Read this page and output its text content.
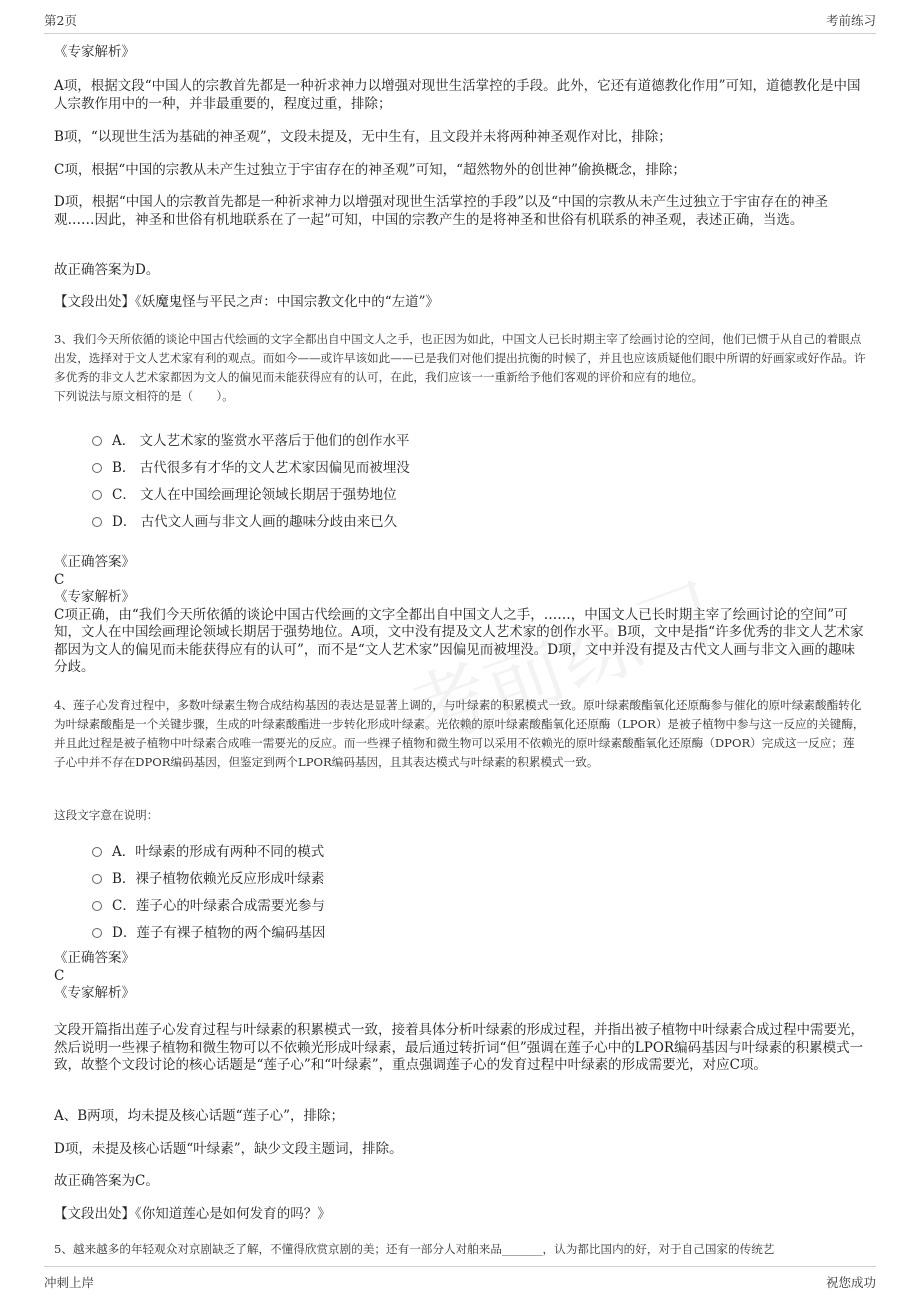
第2页	考前练习

《专家解析》

A项，根据文段“中国人的宗教首先都是一种祈求神力以增强对现世生活掌控的手段。此外，它还有道德教化作用”可知，道德教化是中国人宗教作用中的一种，并非最重要的，程度过重，排除；

B项，“以现世生活为基础的神圣观”，文段未提及，无中生有，且文段并未将两种神圣观作对比，排除；

C项，根据“中国的宗教从未产生过独立于宇宙存在的神圣观”可知，“超然物外的创世神”偷换概念，排除；

D项，根据“中国人的宗教首先都是一种祈求神力以增强对现世生活掌控的手段”以及“中国的宗教从未产生过独立于宇宙存在的神圣观……因此，神圣和世俗有机地联系在了一起”可知，中国的宗教产生的是将神圣和世俗有机联系的神圣观，表述正确，当选。

故正确答案为D。

【文段出处】《妖魔鬼怪与平民之声：中国宗教文化中的“左道”》

3、我们今天所依循的谈论中国古代绘画的文字全都出自中国文人之手，也正因为如此，中国文人已长时期主宰了绘画讨论的空间，他们已惯于从自己的着眼点出发，选择对于文人艺术家有利的观点。而如今——或许早该如此——已是我们对他们提出抗衡的时候了，并且也应该质疑他们眼中所谓的好画家或好作品。许多优秀的非文人艺术家都因为文人的偏见而未能获得应有的认可，在此，我们应该一一重新给予他们客观的评价和应有的地位。

下列说法与原文相符的是（　　）。

A． 文人艺术家的鉴赏水平落后于他们的创作水平
B． 古代很多有才华的文人艺术家因偏见而被埋没
C． 文人在中国绘画理论领域长期居于强势地位
D． 古代文人画与非文人画的趣味分歧由来已久

《正确答案》

C

《专家解析》

C项正确，由“我们今天所依循的谈论中国古代绘画的文字全都出自中国文人之手，……，中国文人已长时期主宰了绘画讨论的空间”可知，文人在中国绘画理论领域长期居于强势地位。A项，文中没有提及文人艺术家的创作水平。B项，文中是指“许多优秀的非文人艺术家都因为文人的偏见而未能获得应有的认可”，而不是“文人艺术家”因偏见而被埋没。D项，文中并没有提及古代文人画与非文入画的趣味分歧。

4、莲子心发育过程中，多数叶绿素生物合成结构基因的表达是显著上调的，与叶绿素的积累模式一致。原叶绿素酸酯氧化还原酶参与催化的原叶绿素酸酯转化为叶绿素酸酯是一个关键步骤，生成的叶绿素酸酯进一步转化形成叶绿素。光依赖的原叶绿素酸酯氧化还原酶（LPOR）是被子植物中参与这一反应的关键酶，并且此过程是被子植物中叶绿素合成唯一需要光的反应。而一些裸子植物和微生物可以采用不依赖光的原叶绿素酸酯氧化还原酶（DPOR）完成这一反应；莲子心中并不存在DPOR编码基因，但鉴定到两个LPOR编码基因，且其表达模式与叶绿素的积累模式一致。

这段文字意在说明：

A．叶绿素的形成有两种不同的模式
B．裸子植物依赖光反应形成叶绿素
C．莲子心的叶绿素合成需要光参与
D．莲子有裸子植物的两个编码基因

《正确答案》

C

《专家解析》

文段开篇指出莲子心发育过程与叶绿素的积累模式一致，接着具体分析叶绿素的形成过程，并指出被子植物中叶绿素合成过程中需要光，然后说明一些裸子植物和微生物可以不依赖光形成叶绿素，最后通过转折词“但”强调在莲子心中的LPOR编码基因与叶绿素的积累模式一致，故整个文段讨论的核心话题是“莲子心”和“叶绿素”，重点强调莲子心的发育过程中叶绿素的形成需要光，对应C项。

A、B两项，均未提及核心话题“莲子心”，排除；

D项，未提及核心话题“叶绿素”，缺少文段主题词，排除。

故正确答案为C。

【文段出处】《你知道莲心是如何发育的吗？》

5、越来越多的年轻观众对京剧缺乏了解，不懂得欣赏京剧的美；还有一部分人对舶来品_______，认为都比国内的好，对于自己国家的传统艺

冲刺上岸	祝您成功
